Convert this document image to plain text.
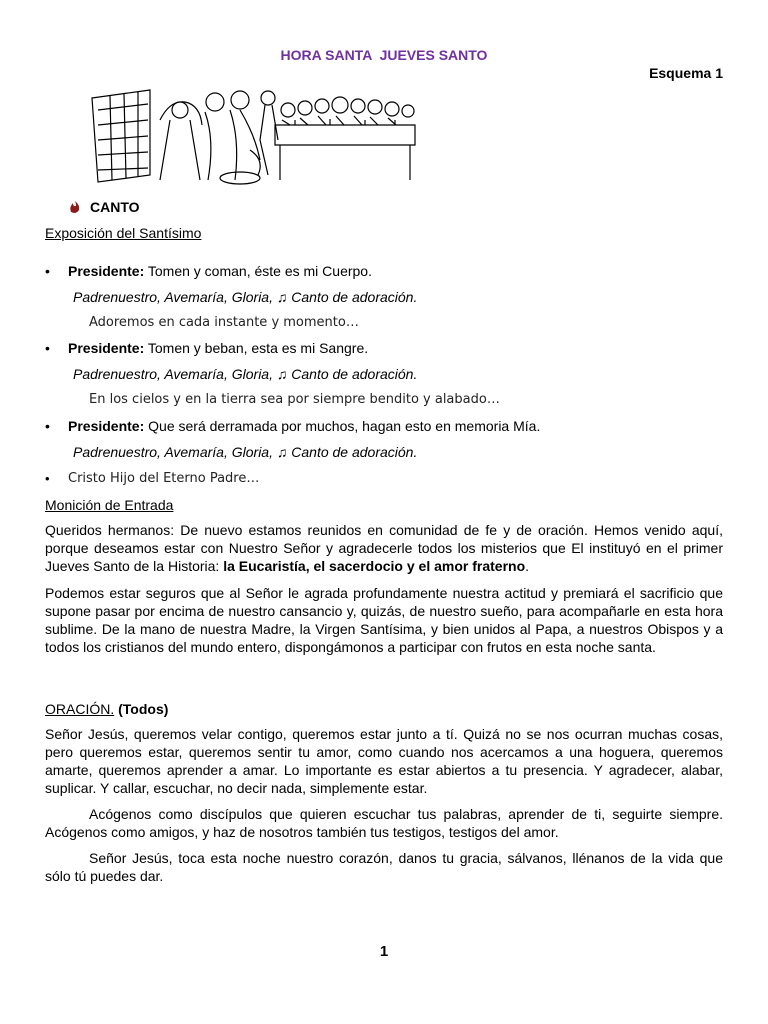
HORA SANTA  JUEVES SANTO
Esquema 1
CANTO
Exposición del Santísimo
•	Presidente: Tomen y coman, éste es mi Cuerpo.
Padrenuestro, Avemaría, Gloria, ♫ Canto de adoración.
Adoremos en cada instante y momento…
•	Presidente: Tomen y beban, esta es mi Sangre.
Padrenuestro, Avemaría, Gloria, ♫ Canto de adoración.
En los cielos y en la tierra sea por siempre bendito y alabado…
•	Presidente: Que será derramada por muchos, hagan esto en memoria Mía.
Padrenuestro, Avemaría, Gloria, ♫ Canto de adoración.
•	Cristo Hijo del Eterno Padre…
Monición de Entrada
Queridos hermanos: De nuevo estamos reunidos en comunidad de fe y de oración. Hemos venido aquí, porque deseamos estar con Nuestro Señor y agradecerle todos los misterios que El instituyó en el primer Jueves Santo de la Historia: la Eucaristía, el sacerdocio y el amor fraterno.
Podemos estar seguros que al Señor le agrada profundamente nuestra actitud y premiará el sacrificio que supone pasar por encima de nuestro cansancio y, quizás, de nuestro sueño, para acompañarle en esta hora sublime. De la mano de nuestra Madre, la Virgen Santísima, y bien unidos al Papa, a nuestros Obispos y a todos los cristianos del mundo entero, dispongámonos a participar con frutos en esta noche santa.
ORACIÓN. (Todos)
Señor Jesús, queremos velar contigo, queremos estar junto a tí. Quizá no se nos ocurran muchas cosas, pero queremos estar, queremos sentir tu amor, como cuando nos acercamos a una hoguera, queremos amarte, queremos aprender a amar. Lo importante es estar abiertos a tu presencia. Y agradecer, alabar, suplicar. Y callar, escuchar, no decir nada, simplemente estar.
Acógenos como discípulos que quieren escuchar tus palabras, aprender de ti, seguirte siempre. Acógenos como amigos, y haz de nosotros también tus testigos, testigos del amor.
Señor Jesús, toca esta noche nuestro corazón, danos tu gracia, sálvanos, llénanos de la vida que sólo tú puedes dar.
1
